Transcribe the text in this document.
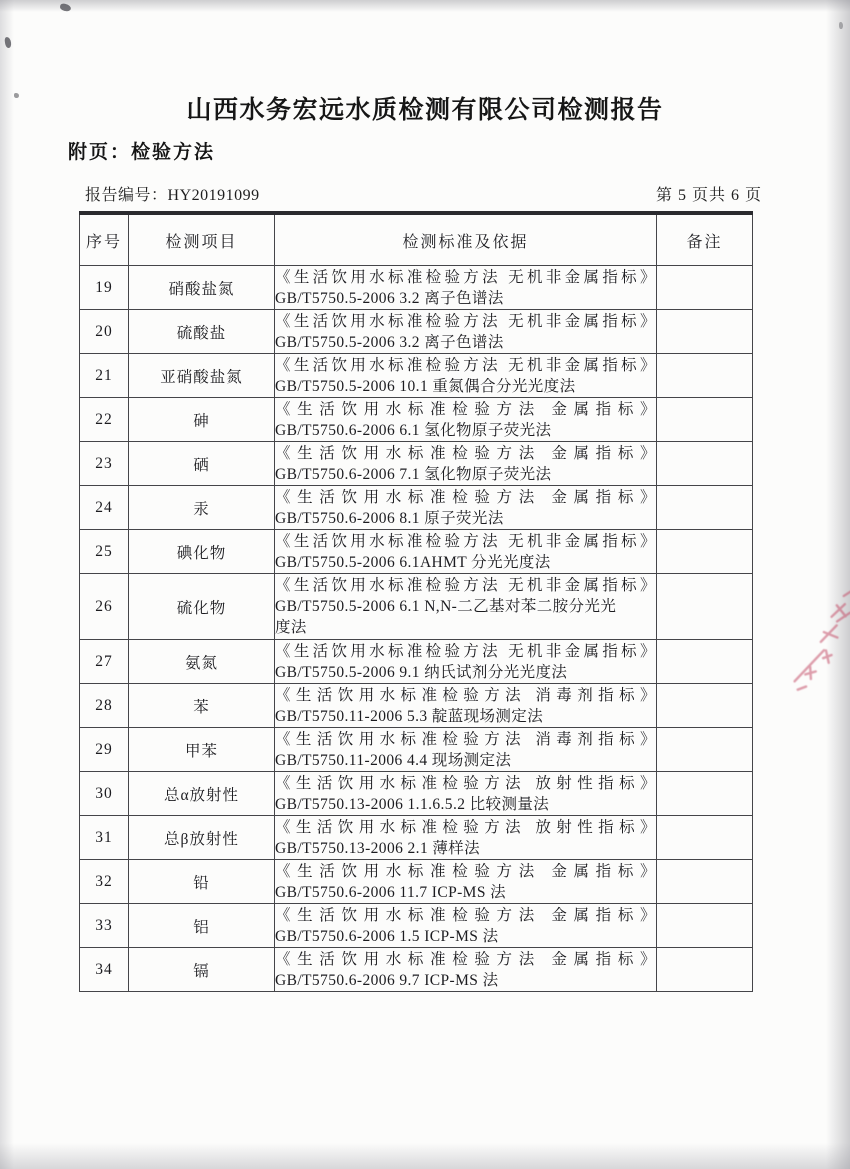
山西水务宏远水质检测有限公司检测报告
附页：检验方法
报告编号：HY20191099	第 5 页共 6 页
序号	检测项目	检测标准及依据	备注
19	硝酸盐氮	《生活饮用水标准检验方法 无机非金属指标》
GB/T5750.5-2006 3.2 离子色谱法	

20	硫酸盐	《生活饮用水标准检验方法 无机非金属指标》
GB/T5750.5-2006 3.2 离子色谱法	

21	亚硝酸盐氮	《生活饮用水标准检验方法 无机非金属指标》
GB/T5750.5-2006 10.1 重氮偶合分光光度法	

22	砷	《生活饮用水标准检验方法 金属指标》
GB/T5750.6-2006 6.1 氢化物原子荧光法	

23	硒	《生活饮用水标准检验方法 金属指标》
GB/T5750.6-2006 7.1 氢化物原子荧光法	

24	汞	《生活饮用水标准检验方法 金属指标》
GB/T5750.6-2006 8.1 原子荧光法	

25	碘化物	《生活饮用水标准检验方法 无机非金属指标》
GB/T5750.5-2006 6.1AHMT 分光光度法	

26	硫化物	《生活饮用水标准检验方法 无机非金属指标》
GB/T5750.5-2006 6.1 N,N-二乙基对苯二胺分光光
度法	

27	氨氮	《生活饮用水标准检验方法 无机非金属指标》
GB/T5750.5-2006 9.1 纳氏试剂分光光度法	

28	苯	《生活饮用水标准检验方法 消毒剂指标》
GB/T5750.11-2006 5.3 靛蓝现场测定法	

29	甲苯	《生活饮用水标准检验方法 消毒剂指标》
GB/T5750.11-2006 4.4 现场测定法	

30	总α放射性	《生活饮用水标准检验方法 放射性指标》
GB/T5750.13-2006 1.1.6.5.2 比较测量法	

31	总β放射性	《生活饮用水标准检验方法 放射性指标》
GB/T5750.13-2006 2.1 薄样法	

32	铅	《生活饮用水标准检验方法 金属指标》
GB/T5750.6-2006 11.7 ICP-MS 法	

33	铝	《生活饮用水标准检验方法 金属指标》
GB/T5750.6-2006 1.5 ICP-MS 法	

34	镉	《生活饮用水标准检验方法 金属指标》
GB/T5750.6-2006 9.7 ICP-MS 法	
